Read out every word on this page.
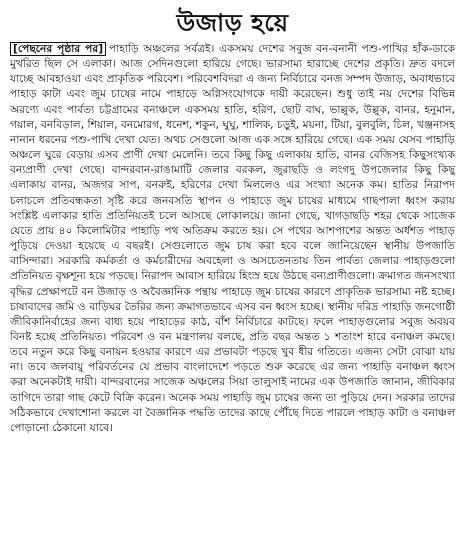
উজাড় হয়ে

[পেছনের পৃষ্ঠার পর] পাহাড়ি অঞ্চলের সর্বত্রই। একসময় দেশের সবুজ বন-বনানী পশু-পাখির হাঁক-ডাকে মুখরিত ছিল সে এলাকা। আজ সেদিনগুলো হারিয়ে গেছে। ভারসাম্য হারাচ্ছে দেশের প্রকৃতি। দ্রুত বদলে যাচ্ছে আবহাওয়া এবং প্রাকৃতিক পরিবেশ। পরিবেশবিদরা এ জন্য নির্বিচারে বনজ সম্পদ উজাড়, অবাধভাবে পাহাড় কাটা এবং জুম চাষের নামে পাহাড়ে অগ্নিসংযোগকে দায়ী করেছেন। শুধু তাই নয় দেশের বিভিন্ন অরণ্যে এবং পার্বত্য চট্টগ্রামের বনাঞ্চলে একসময় হাতি, হরিণ, ছোট বাঘ, ভাল্লুক, উল্লুক, বানর, হনুমান, গয়াল, বনবিড়াল, শিয়াল, বনমোরগ, ধনেশ, শকুন, ঘুঘু, শালিক, চড়ুই, ময়না, টিয়া, বুলবুলি, চিল, খঞ্জনাসহ নানান ধরনের পশু-পাখি দেখা যেত। অথচ সেগুলো আজ এক সঙ্গে হারিয়ে গেছে। এক সময় যেসব পাহাড়ি অঞ্চলে ঘুরে বেড়ায় এসব প্রাণী দেখা মেলেনি। তবে কিছু কিছু এলাকায় হাতি, বানর বেজিসহ কিছুসংখ্যক বন্যপ্রাণী দেখা গেছে। বান্দরবান-রাঙামাটি জেলার বরকল, জুরাছড়ি ও লংগদু উপজেলার কিছু কিছু এলাকায় বানর, অজগর সাপ, বনরুই, হরিণের দেখা মিললেও এর সংখ্যা অনেক কম। হাতির নিরাপদ চলাচলে প্রতিবন্ধকতা সৃষ্টি করে জনবসতি স্থাপন ও পাহাড়ে জুম চাষের মাধ্যমে গাছপালা ধ্বংস করায় সংশ্লিষ্ট এলাকার হাতি প্রতিনিয়তই চলে আসছে লোকালয়ে। জানা গেছে, খাগড়াছড়ি শহর থেকে সাজেক যেতে প্রায় ৪০ কিলোমিটার পাহাড়ি পথ অতিক্রম করতে হয়। সে পথের আশপাশের অন্তত অর্ধশত পাহাড় পুড়িয়ে দেওয়া হয়েছে এ বছরই। সেগুলোতে জুম চাষ করা হবে বলে জানিয়েছেন স্থানীয় উপজাতি বাসিন্দারা। সরকারি কর্মকর্তা ও কর্মচারীদের অবহেলা ও অসচেতনতায় তিন পার্বত্য জেলার পাহাড়গুলো প্রতিনিয়ত বৃক্ষশূন্য হয়ে পড়ছে। নিরাপদ আবাস হারিয়ে হিংস্র হয়ে উঠছে বন্যপ্রাণীগুলো। ক্রমাগত জনসংখ্যা বৃদ্ধির প্রেক্ষাপটে বন উজাড় ও অবৈজ্ঞানিক পন্থায় পাহাড়ে জুম চাষের কারণে প্রাকৃতিক ভারসাম্য নষ্ট হচ্ছে। চাষাবাদের জমি ও বাড়িঘর তৈরির জন্য ক্রমাগতভাবে এসব বন ধ্বংস হচ্ছে। স্থানীয় দরিদ্র পাহাড়ি জনগোষ্ঠী জীবিকানির্বাহের জন্য বাধ্য হয়ে পাহাড়ের কাঠ, বাঁশ নির্বিচারে কাটছে। ফলে পাহাড়গুলোর সবুজ অবয়ব বিনষ্ট হচ্ছে প্রতিনিয়ত। পরিবেশ ও বন মন্ত্রণালয় বলছে, প্রতি বছর অন্তত ১ শতাংশ হারে বনাঞ্চল কমছে। তবে নতুন করে কিছু বনায়ন হওয়ার কারণে এর প্রভাবটা পড়ছে খুব ধীর গতিতে। এজন্য সেটা বোঝা যায় না। তবে জলবায়ু পরিবর্তনের যে প্রভাব বাংলাদেশে পড়তে শুরু করেছে এর জন্য পাহাড়ি বনাঞ্চল ধ্বংস করা অনেকটাই দায়ী। বান্দরবানের সাজেক অঞ্চলের সিয়া তালুসাই নামের এক উপজাতি জানান, জীবিকার তাগিদে তারা গাছ কেটে বিক্রি করেন। অনেক সময় পাহাড়ি জুম চাষের জন্য তা পুড়িয়ে দেন। সরকার তাদের সঠিকভাবে দেখাশোনা করলে বা বৈজ্ঞানিক পদ্ধতি তাদের কাছে পৌঁছে দিতে পারলে পাহাড় কাটা ও বনাঞ্চল পোড়ানো ঠেকানো যাবে।
